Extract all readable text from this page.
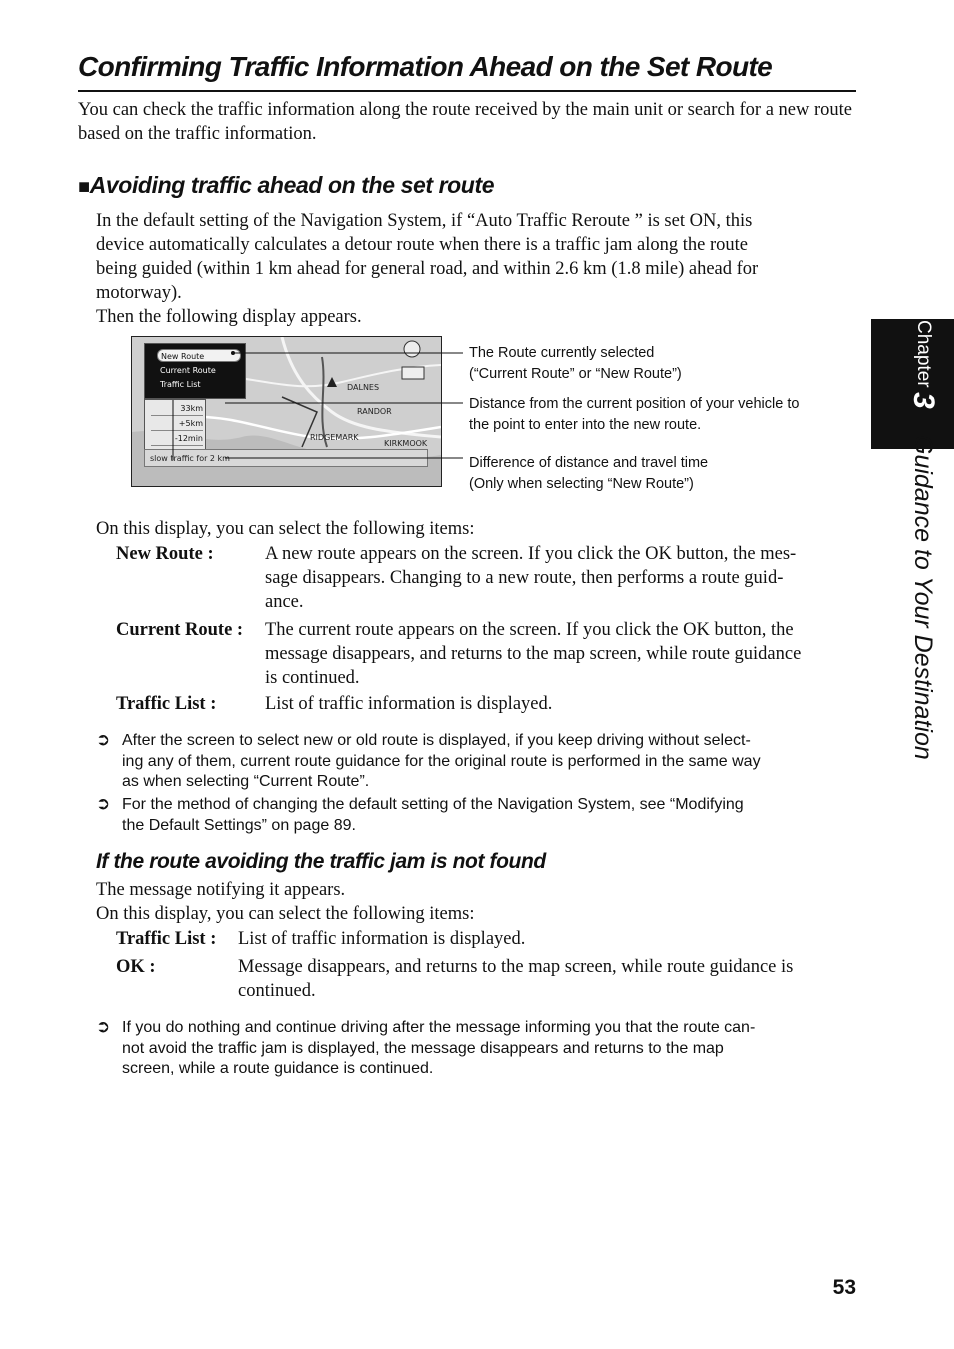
Confirming Traffic Information Ahead on the Set Route
You can check the traffic information along the route received by the main unit or search for a new route based on the traffic information.
■Avoiding traffic ahead on the set route
In the default setting of the Navigation System, if “Auto Traffic Reroute ” is set ON, this
device automatically calculates a detour route when there is a traffic jam along the route
being guided (within 1 km ahead for general road, and within 2.6 km (1.8 mile) ahead for
motorway).
Then the following display appears.
DALNES
RANDOR
RIDGEMARK
KIRKMOOK
New Route
Current Route
Traffic List
33km
+5km
-12min
slow traffic for 2 km
The Route currently selected
(“Current Route” or “New Route”)
Distance from the current position of your vehicle to
the point to enter into the new route.
Difference of distance and travel time
(Only when selecting “New Route”)
On this display, you can select the following items:
New Route :	A new route appears on the screen. If you click the OK button, the mes-
sage disappears. Changing to a new route, then performs a route guid-
ance.
Current Route : The current route appears on the screen. If you click the OK button, the
message disappears, and returns to the map screen, while route guidance
is continued.
Traffic List :	List of traffic information is displayed.
➲ After the screen to select new or old route is displayed, if you keep driving without select-
ing any of them, current route guidance for the original route is performed in the same way
as when selecting “Current Route”.
➲ For the method of changing the default setting of the Navigation System, see “Modifying
the Default Settings” on page 89.
If the route avoiding the traffic jam is not found
The message notifying it appears.
On this display, you can select the following items:
Traffic List : List of traffic information is displayed.
OK :	Message disappears, and returns to the map screen, while route guidance is
continued.
➲ If you do nothing and continue driving after the message informing you that the route can-
not avoid the traffic jam is displayed, the message disappears and returns to the map
screen, while a route guidance is continued.
Chapter 3 Guidance to Your Destination
53
